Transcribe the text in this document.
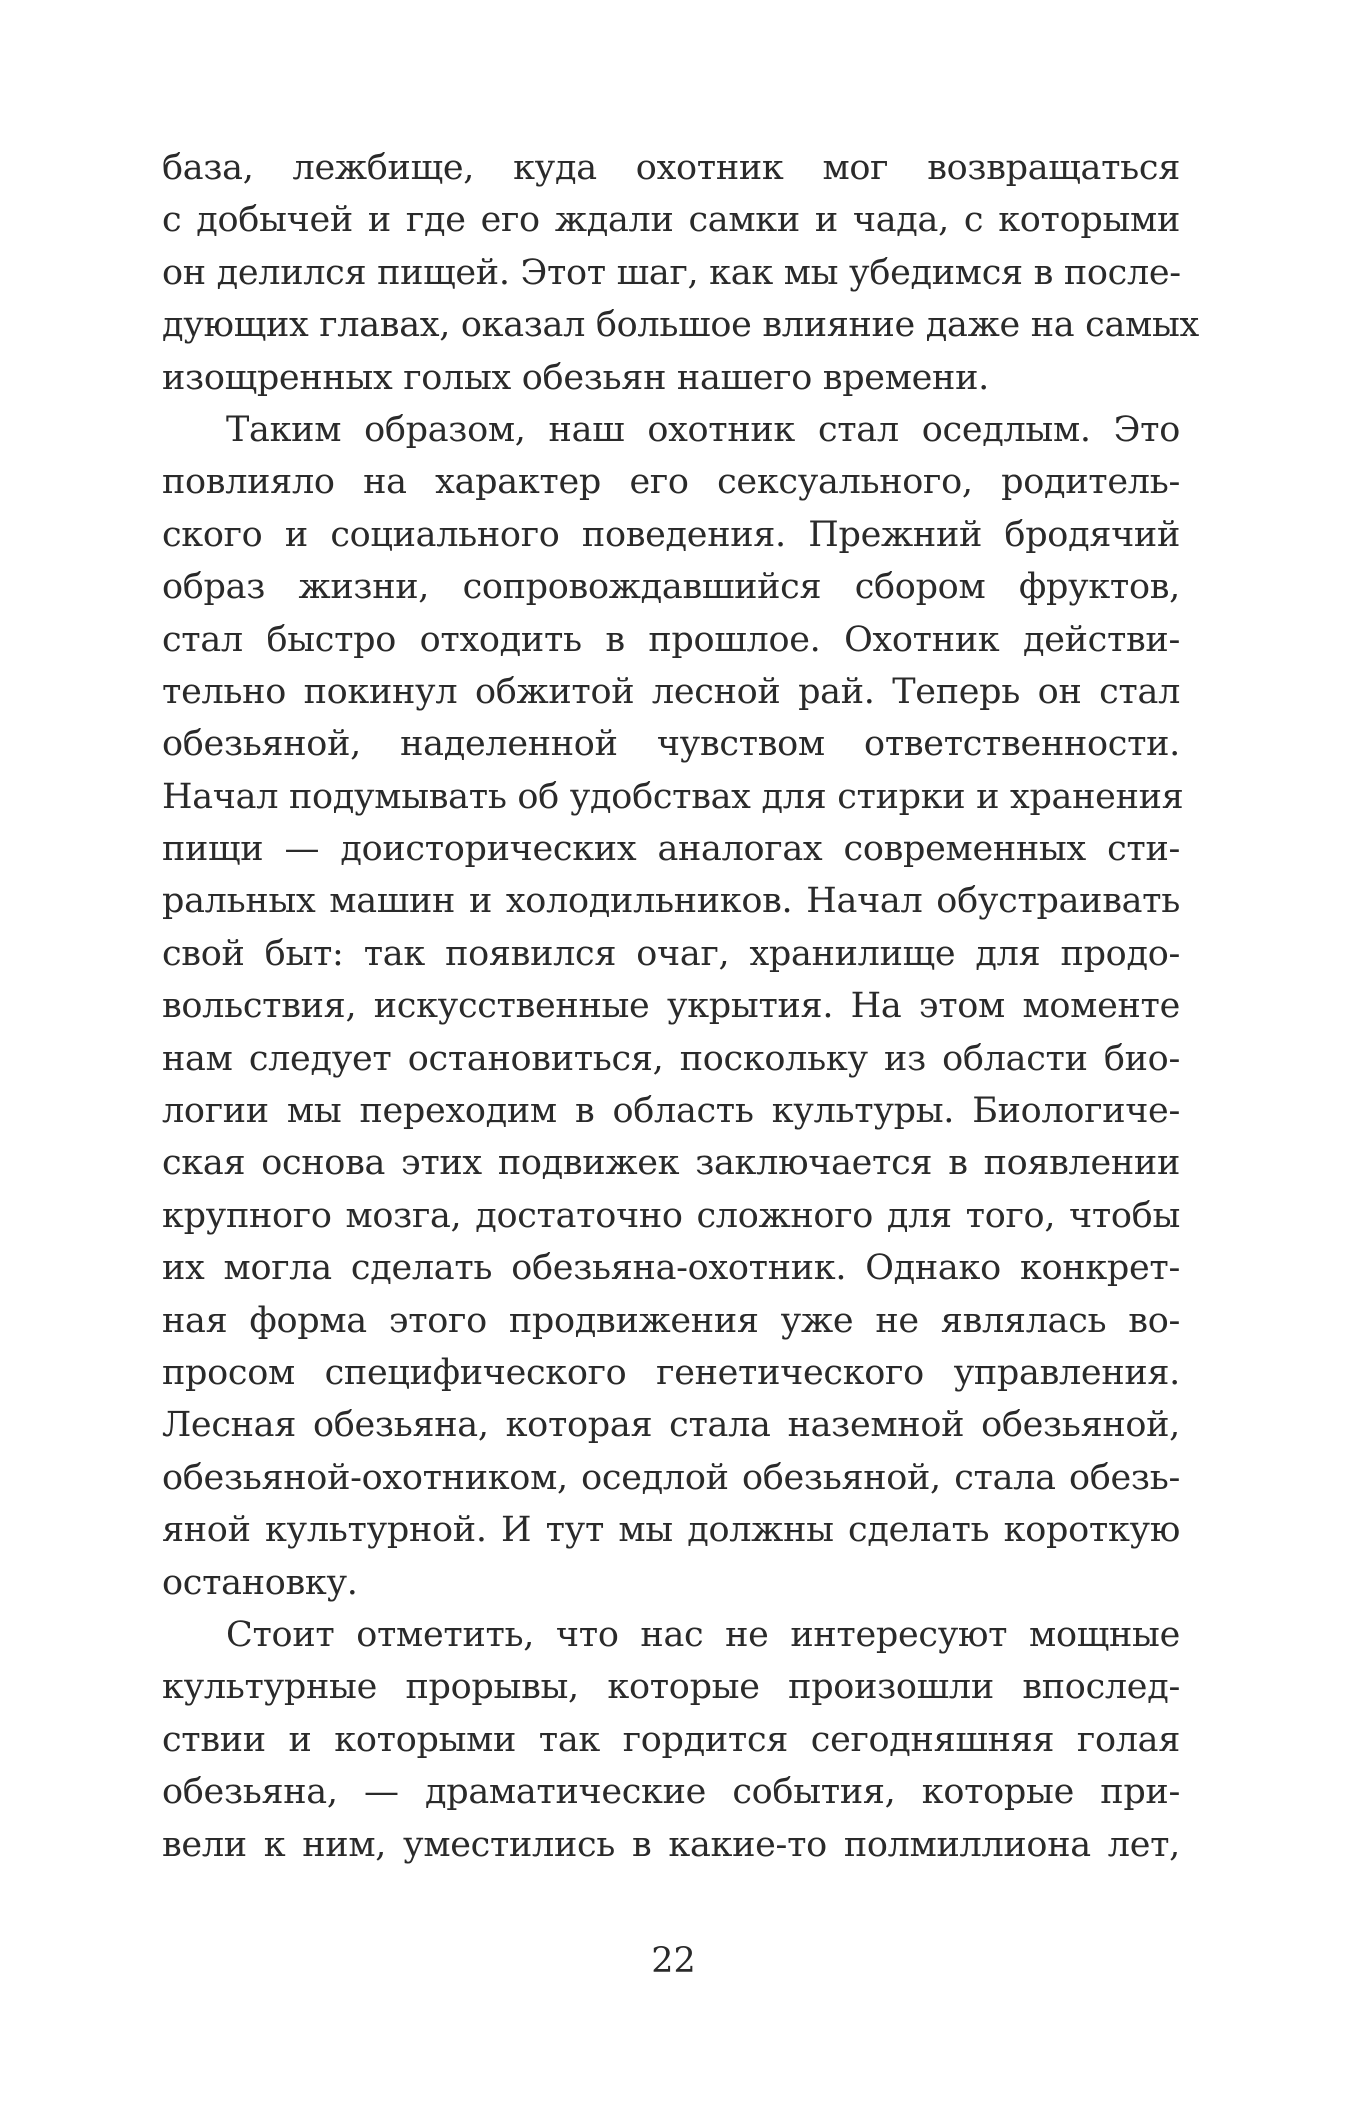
база, лежбище, куда охотник мог возвращаться
с добычей и где его ждали самки и чада, с которыми
он делился пищей. Этот шаг, как мы убедимся в после-
дующих главах, оказал большое влияние даже на самых
изощренных голых обезьян нашего времени.
Таким образом, наш охотник стал оседлым. Это
повлияло на характер его сексуального, родитель-
ского и социального поведения. Прежний бродячий
образ жизни, сопровождавшийся сбором фруктов,
стал быстро отходить в прошлое. Охотник действи-
тельно покинул обжитой лесной рай. Теперь он стал
обезьяной, наделенной чувством ответственности.
Начал подумывать об удобствах для стирки и хранения
пищи — доисторических аналогах современных сти-
ральных машин и холодильников. Начал обустраивать
свой быт: так появился очаг, хранилище для продо-
вольствия, искусственные укрытия. На этом моменте
нам следует остановиться, поскольку из области био-
логии мы переходим в область культуры. Биологиче-
ская основа этих подвижек заключается в появлении
крупного мозга, достаточно сложного для того, чтобы
их могла сделать обезьяна-охотник. Однако конкрет-
ная форма этого продвижения уже не являлась во-
просом специфического генетического управления.
Лесная обезьяна, которая стала наземной обезьяной,
обезьяной-охотником, оседлой обезьяной, стала обезь-
яной культурной. И тут мы должны сделать короткую
остановку.
Стоит отметить, что нас не интересуют мощные
культурные прорывы, которые произошли впослед-
ствии и которыми так гордится сегодняшняя голая
обезьяна, — драматические события, которые при-
вели к ним, уместились в какие-то полмиллиона лет,
22
